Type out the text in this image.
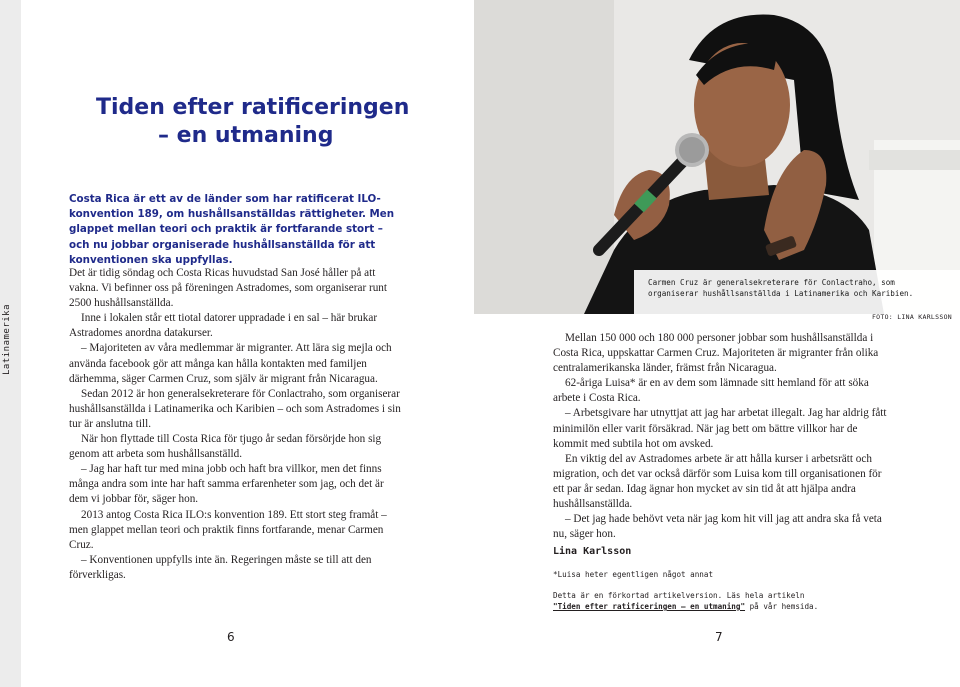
Latinamerika
Tiden efter ratificeringen
– en utmaning

Costa Rica är ett av de länder som har ratificerat ILO-konvention 189, om hushållsanställdas rättigheter. Men glappet mellan teori och praktik är fortfarande stort – och nu jobbar organiserade hushållsanställda för att konventionen ska uppfyllas.

Det är tidig söndag och Costa Ricas huvudstad San José håller på att vakna. Vi befinner oss på föreningen Astradomes, som organiserar runt 2500 hushållsanställda.

Inne i lokalen står ett tiotal datorer uppradade i en sal – här brukar Astradomes anordna datakurser.

– Majoriteten av våra medlemmar är migranter. Att lära sig mejla och använda facebook gör att många kan hålla kontakten med familjen därhemma, säger Carmen Cruz, som själv är migrant från Nicaragua.

Sedan 2012 är hon generalsekreterare för Conlactraho, som organiserar hushållsanställda i Latinamerika och Karibien – och som Astradomes i sin tur är anslutna till.

När hon flyttade till Costa Rica för tjugo år sedan försörjde hon sig genom att arbeta som hushållsanställd.

– Jag har haft tur med mina jobb och haft bra villkor, men det finns många andra som inte har haft samma erfarenheter som jag, och det är dem vi jobbar för, säger hon.

2013 antog Costa Rica ILO:s konvention 189. Ett stort steg framåt – men glappet mellan teori och praktik finns fortfarande, menar Carmen Cruz.

– Konventionen uppfylls inte än. Regeringen måste se till att den förverkligas.

Carmen Cruz är generalsekreterare för Conlactraho, som organiserar hushållsanställda i Latinamerika och Karibien.

FOTO: LINA KARLSSON

Mellan 150 000 och 180 000 personer jobbar som hushållsanställda i Costa Rica, uppskattar Carmen Cruz. Majoriteten är migranter från olika centralamerikanska länder, främst från Nicaragua.

62-åriga Luisa* är en av dem som lämnade sitt hemland för att söka arbete i Costa Rica.

– Arbetsgivare har utnyttjat att jag har arbetat illegalt. Jag har aldrig fått minimilön eller varit försäkrad. När jag bett om bättre villkor har de kommit med subtila hot om avsked.

En viktig del av Astradomes arbete är att hålla kurser i arbetsrätt och migration, och det var också därför som Luisa kom till organisationen för ett par år sedan. Idag ägnar hon mycket av sin tid åt att hjälpa andra hushållsanställda.

– Det jag hade behövt veta när jag kom hit vill jag att andra ska få veta nu, säger hon.

Lina Karlsson

*Luisa heter egentligen något annat

Detta är en förkortad artikelversion. Läs hela artikeln
"Tiden efter ratificeringen – en utmaning" på vår hemsida.

6	7
